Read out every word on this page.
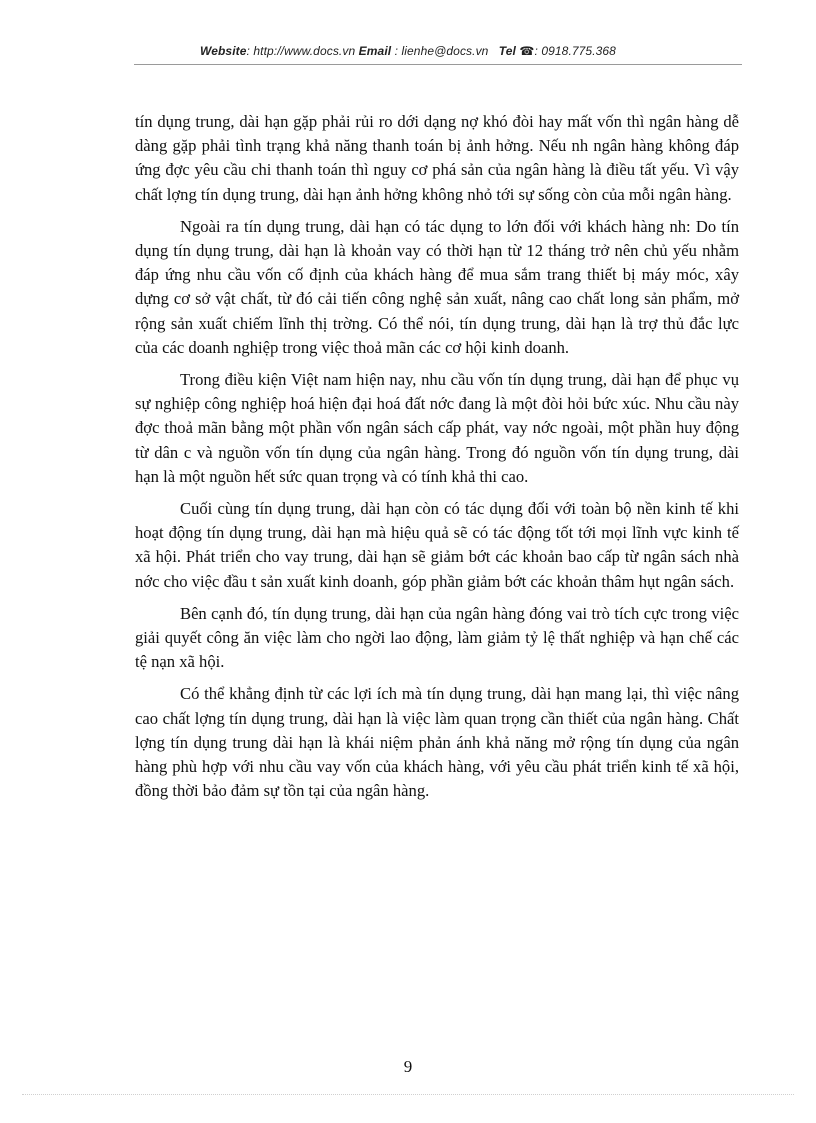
Website: http://www.docs.vn Email : lienhe@docs.vn Tel ☎: 0918.775.368

tín dụng trung, dài hạn gặp phải rủi ro dới dạng nợ khó đòi hay mất vốn thì ngân hàng dễ dàng gặp phải tình trạng khả năng thanh toán bị ảnh hởng. Nếu nh ngân hàng không đáp ứng đợc yêu cầu chi thanh toán thì nguy cơ phá sản của ngân hàng là điều tất yếu. Vì vậy chất lợng tín dụng trung, dài hạn ảnh hởng không nhỏ tới sự sống còn của mỗi ngân hàng.

Ngoài ra tín dụng trung, dài hạn có tác dụng to lớn đối với khách hàng nh: Do tín dụng tín dụng trung, dài hạn là khoản vay có thời hạn từ 12 tháng trở nên chủ yếu nhằm đáp ứng nhu cầu vốn cố định của khách hàng để mua sắm trang thiết bị máy móc, xây dựng cơ sở vật chất, từ đó cải tiến công nghệ sản xuất, nâng cao chất long sản phẩm, mở rộng sản xuất chiếm lĩnh thị trờng. Có thể nói, tín dụng trung, dài hạn là trợ thủ đắc lực của các doanh nghiệp trong việc thoả mãn các cơ hội kinh doanh.

Trong điều kiện Việt nam hiện nay, nhu cầu vốn tín dụng trung, dài hạn để phục vụ sự nghiệp công nghiệp hoá hiện đại hoá đất nớc đang là một đòi hỏi bức xúc. Nhu cầu này đợc thoả mãn bằng một phần vốn ngân sách cấp phát, vay nớc ngoài, một phần huy động từ dân c và nguồn vốn tín dụng của ngân hàng. Trong đó nguồn vốn tín dụng trung, dài hạn là một nguồn hết sức quan trọng và có tính khả thi cao.

Cuối cùng tín dụng trung, dài hạn còn có tác dụng đối với toàn bộ nền kinh tế khi hoạt động tín dụng trung, dài hạn mà hiệu quả sẽ có tác động tốt tới mọi lĩnh vực kinh tế xã hội. Phát triển cho vay trung, dài hạn sẽ giảm bớt các khoản bao cấp từ ngân sách nhà nớc cho việc đầu t sản xuất kinh doanh, góp phần giảm bớt các khoản thâm hụt ngân sách.

Bên cạnh đó, tín dụng trung, dài hạn của ngân hàng đóng vai trò tích cực trong việc giải quyết công ăn việc làm cho ngời lao động, làm giảm tỷ lệ thất nghiệp và hạn chế các tệ nạn xã hội.

Có thể khẳng định từ các lợi ích mà tín dụng trung, dài hạn mang lại, thì việc nâng cao chất lợng tín dụng trung, dài hạn là việc làm quan trọng cần thiết của ngân hàng. Chất lợng tín dụng trung dài hạn là khái niệm phản ánh khả năng mở rộng tín dụng của ngân hàng phù hợp với nhu cầu vay vốn của khách hàng, với yêu cầu phát triển kinh tế xã hội, đồng thời bảo đảm sự tồn tại của ngân hàng.

9
